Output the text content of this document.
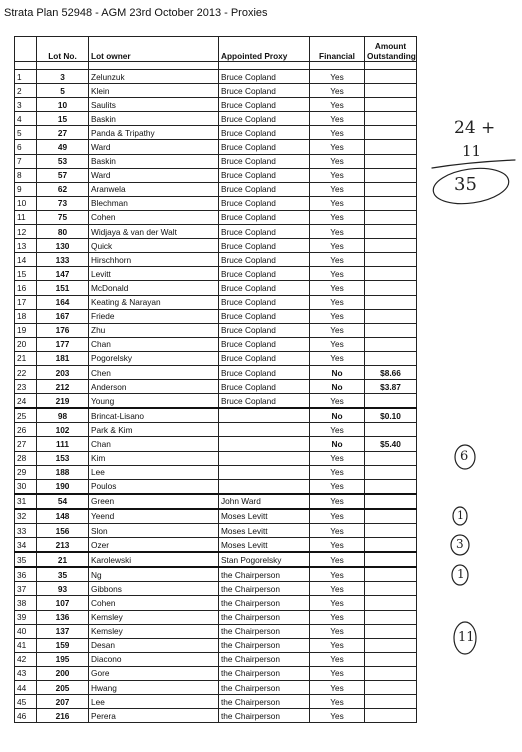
Strata Plan 52948 - AGM 23rd October 2013 - Proxies
	Lot No.	Lot owner	Appointed Proxy	Financial	Amount Outstanding

1	3	Zelunzuk	Bruce Copland	Yes	
2	5	Klein	Bruce Copland	Yes	
3	10	Saulits	Bruce Copland	Yes	
4	15	Baskin	Bruce Copland	Yes	
5	27	Panda & Tripathy	Bruce Copland	Yes	
6	49	Ward	Bruce Copland	Yes	
7	53	Baskin	Bruce Copland	Yes	
8	57	Ward	Bruce Copland	Yes	
9	62	Aranwela	Bruce Copland	Yes	
10	73	Blechman	Bruce Copland	Yes	
11	75	Cohen	Bruce Copland	Yes	
12	80	Widjaya & van der Walt	Bruce Copland	Yes	
13	130	Quick	Bruce Copland	Yes	
14	133	Hirschhorn	Bruce Copland	Yes	
15	147	Levitt	Bruce Copland	Yes	
16	151	McDonald	Bruce Copland	Yes	
17	164	Keating & Narayan	Bruce Copland	Yes	
18	167	Friede	Bruce Copland	Yes	
19	176	Zhu	Bruce Copland	Yes	
20	177	Chan	Bruce Copland	Yes	
21	181	Pogorelsky	Bruce Copland	Yes	
22	203	Chen	Bruce Copland	No	$8.66
23	212	Anderson	Bruce Copland	No	$3.87
24	219	Young	Bruce Copland	Yes	
25	98	Brincat-Lisano		No	$0.10
26	102	Park & Kim		Yes	
27	111	Chan		No	$5.40
28	153	Kim		Yes	
29	188	Lee		Yes	
30	190	Poulos		Yes	
31	54	Green	John Ward	Yes	
32	148	Yeend	Moses Levitt	Yes	
33	156	Slon	Moses Levitt	Yes	
34	213	Ozer	Moses Levitt	Yes	
35	21	Karolewski	Stan Pogorelsky	Yes	
36	35	Ng	the Chairperson	Yes	
37	93	Gibbons	the Chairperson	Yes	
38	107	Cohen	the Chairperson	Yes	
39	136	Kemsley	the Chairperson	Yes	
40	137	Kemsley	the Chairperson	Yes	
41	159	Desan	the Chairperson	Yes	
42	195	Diacono	the Chairperson	Yes	
43	200	Gore	the Chairperson	Yes	
44	205	Hwang	the Chairperson	Yes	
45	207	Lee	the Chairperson	Yes	
46	216	Perera	the Chairperson	Yes	
24 +
11
35
6
1
3
1
11
